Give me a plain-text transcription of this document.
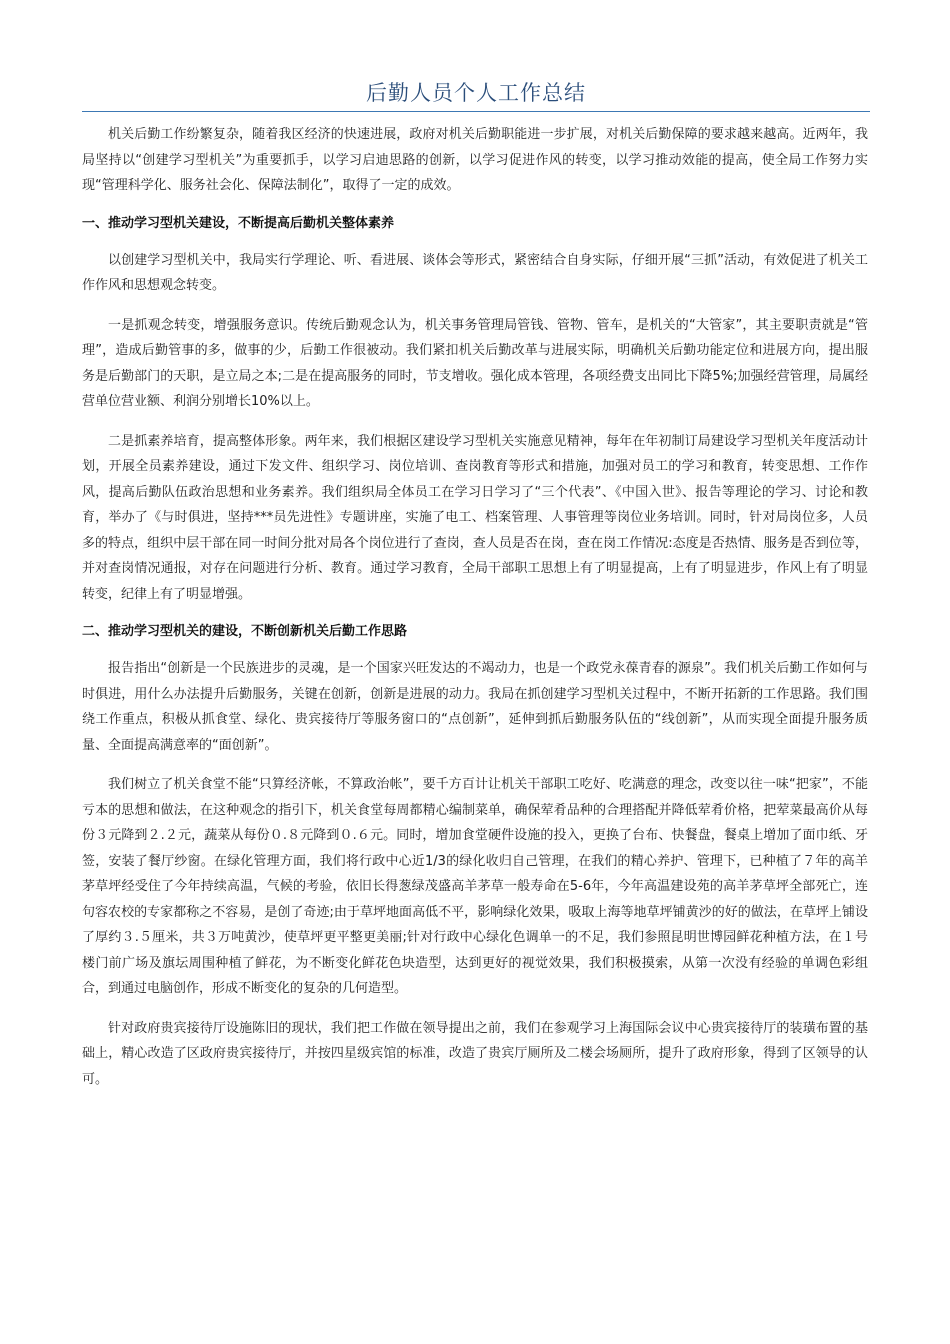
后勤人员个人工作总结

机关后勤工作纷繁复杂，随着我区经济的快速进展，政府对机关后勤职能进一步扩展，对机关后勤保障的要求越来越高。近两年，我局坚持以“创建学习型机关”为重要抓手，以学习启迪思路的创新，以学习促进作风的转变，以学习推动效能的提高，使全局工作努力实现“管理科学化、服务社会化、保障法制化”，取得了一定的成效。

一、推动学习型机关建设，不断提高后勤机关整体素养

以创建学习型机关中，我局实行学理论、听、看进展、谈体会等形式，紧密结合自身实际，仔细开展“三抓”活动，有效促进了机关工作作风和思想观念转变。

一是抓观念转变，增强服务意识。传统后勤观念认为，机关事务管理局管钱、管物、管车，是机关的“大管家”，其主要职责就是“管理”，造成后勤管事的多，做事的少，后勤工作很被动。我们紧扣机关后勤改革与进展实际，明确机关后勤功能定位和进展方向，提出服务是后勤部门的天职，是立局之本;二是在提高服务的同时，节支增收。强化成本管理，各项经费支出同比下降5%;加强经营管理，局属经营单位营业额、利润分别增长10%以上。

二是抓素养培育，提高整体形象。两年来，我们根据区建设学习型机关实施意见精神，每年在年初制订局建设学习型机关年度活动计划，开展全员素养建设，通过下发文件、组织学习、岗位培训、查岗教育等形式和措施，加强对员工的学习和教育，转变思想、工作作风，提高后勤队伍政治思想和业务素养。我们组织局全体员工在学习日学习了“三个代表”、《中国入世》、报告等理论的学习、讨论和教育，举办了《与时俱进，坚持***员先进性》专题讲座，实施了电工、档案管理、人事管理等岗位业务培训。同时，针对局岗位多，人员多的特点，组织中层干部在同一时间分批对局各个岗位进行了查岗，查人员是否在岗，查在岗工作情况:态度是否热情、服务是否到位等，并对查岗情况通报，对存在问题进行分析、教育。通过学习教育，全局干部职工思想上有了明显提高，上有了明显进步，作风上有了明显转变，纪律上有了明显增强。

二、推动学习型机关的建设，不断创新机关后勤工作思路

报告指出“创新是一个民族进步的灵魂，是一个国家兴旺发达的不竭动力，也是一个政党永葆青春的源泉”。我们机关后勤工作如何与时俱进，用什么办法提升后勤服务，关键在创新，创新是进展的动力。我局在抓创建学习型机关过程中，不断开拓新的工作思路。我们围绕工作重点，积极从抓食堂、绿化、贵宾接待厅等服务窗口的“点创新”，延伸到抓后勤服务队伍的“线创新”，从而实现全面提升服务质量、全面提高满意率的“面创新”。

我们树立了机关食堂不能“只算经济帐，不算政治帐”，要千方百计让机关干部职工吃好、吃满意的理念，改变以往一味“把家”，不能亏本的思想和做法，在这种观念的指引下，机关食堂每周都精心编制菜单，确保荤肴品种的合理搭配并降低荤肴价格，把荤菜最高价从每份３元降到２.２元，蔬菜从每份０.８元降到０.６元。同时，增加食堂硬件设施的投入，更换了台布、快餐盘，餐桌上增加了面巾纸、牙签，安装了餐厅纱窗。在绿化管理方面，我们将行政中心近1/3的绿化收归自己管理，在我们的精心养护、管理下，已种植了７年的高羊茅草坪经受住了今年持续高温，气候的考验，依旧长得葱绿茂盛高羊茅草一般寿命在5-6年，今年高温建设苑的高羊茅草坪全部死亡，连句容农校的专家都称之不容易，是创了奇迹;由于草坪地面高低不平，影响绿化效果，吸取上海等地草坪铺黄沙的好的做法，在草坪上铺设了厚约３.５厘米，共３万吨黄沙，使草坪更平整更美丽;针对行政中心绿化色调单一的不足，我们参照昆明世博园鲜花种植方法，在１号楼门前广场及旗坛周围种植了鲜花，为不断变化鲜花色块造型，达到更好的视觉效果，我们积极摸索，从第一次没有经验的单调色彩组合，到通过电脑创作，形成不断变化的复杂的几何造型。

针对政府贵宾接待厅设施陈旧的现状，我们把工作做在领导提出之前，我们在参观学习上海国际会议中心贵宾接待厅的装璜布置的基础上，精心改造了区政府贵宾接待厅，并按四星级宾馆的标准，改造了贵宾厅厕所及二楼会场厕所，提升了政府形象，得到了区领导的认可。
